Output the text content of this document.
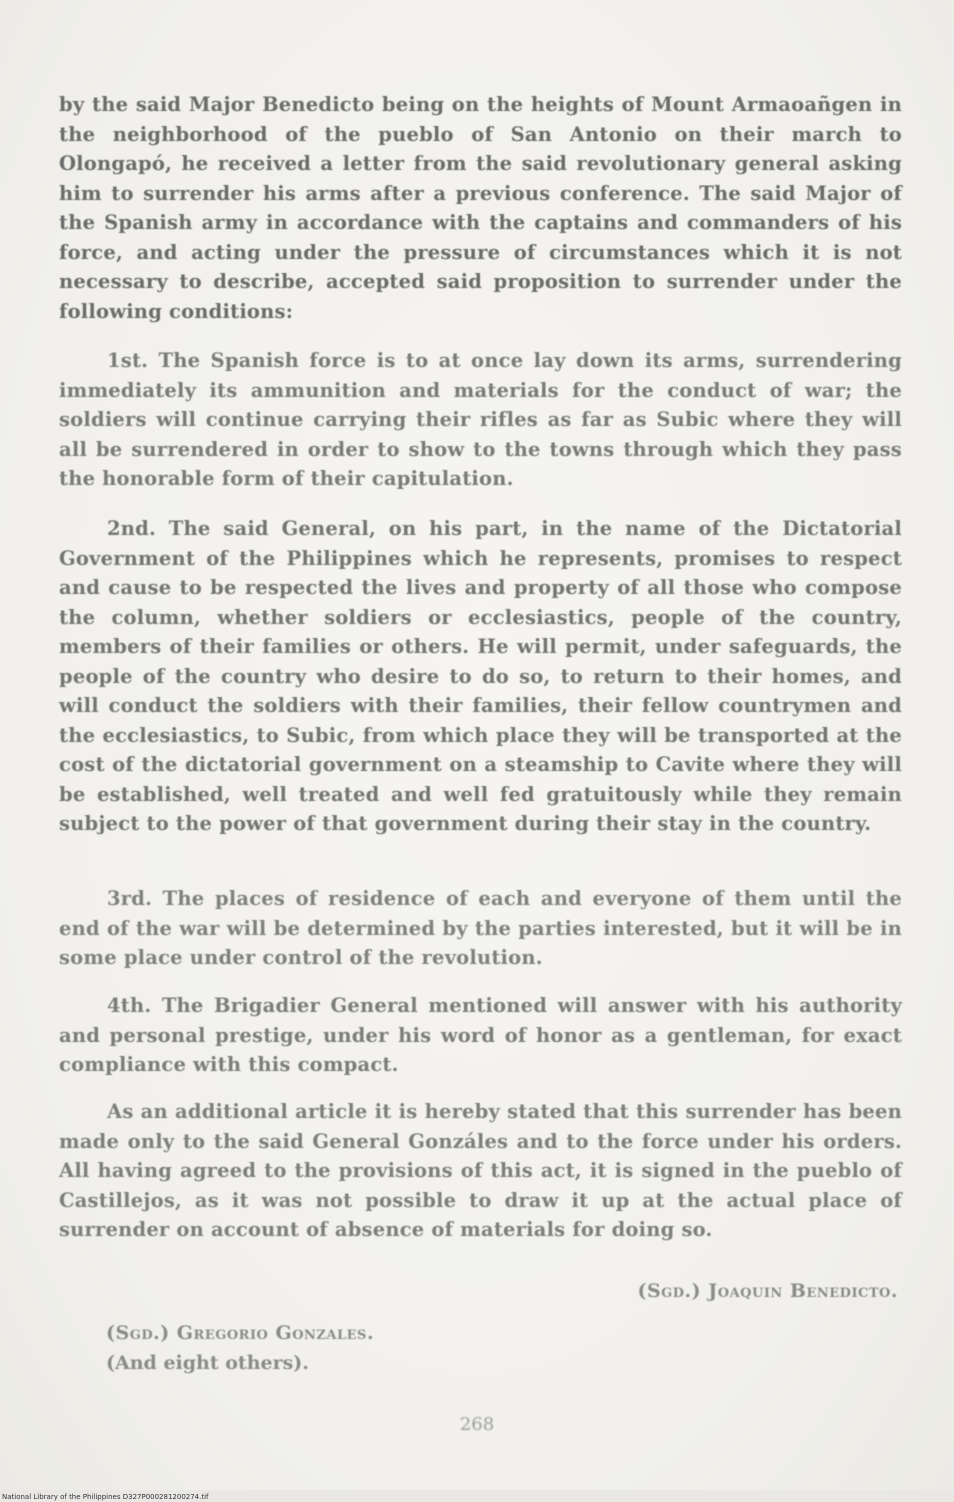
by the said Major Benedicto being on the heights of Mount Armaoañgen in the neighborhood of the pueblo of San Antonio on their march to Olongapó, he received a letter from the said revolutionary general asking him to surrender his arms after a previous conference. The said Major of the Spanish army in accordance with the captains and commanders of his force, and acting under the pressure of circumstances which it is not necessary to describe, accepted said proposition to surrender under the following conditions:

1st. The Spanish force is to at once lay down its arms, surrendering immediately its ammunition and materials for the conduct of war; the soldiers will continue carrying their rifles as far as Subic where they will all be surrendered in order to show to the towns through which they pass the honorable form of their capitulation.

2nd. The said General, on his part, in the name of the Dictatorial Government of the Philippines which he represents, promises to respect and cause to be respected the lives and property of all those who compose the column, whether soldiers or ecclesiastics, people of the country, members of their families or others. He will permit, under safeguards, the people of the country who desire to do so, to return to their homes, and will conduct the soldiers with their families, their fellow countrymen and the ecclesiastics, to Subic, from which place they will be transported at the cost of the dictatorial government on a steamship to Cavite where they will be established, well treated and well fed gratuitously while they remain subject to the power of that government during their stay in the country.

3rd. The places of residence of each and everyone of them until the end of the war will be determined by the parties interested, but it will be in some place under control of the revolution.

4th. The Brigadier General mentioned will answer with his authority and personal prestige, under his word of honor as a gentleman, for exact compliance with this compact.

As an additional article it is hereby stated that this surrender has been made only to the said General Gonzáles and to the force under his orders. All having agreed to the provisions of this act, it is signed in the pueblo of Castillejos, as it was not possible to draw it up at the actual place of surrender on account of absence of materials for doing so.

(Sgd.) Joaquin Benedicto.
(Sgd.) Gregorio Gonzales.
(And eight others).
268
National Library of the Philippines D327P000281200274.tif
